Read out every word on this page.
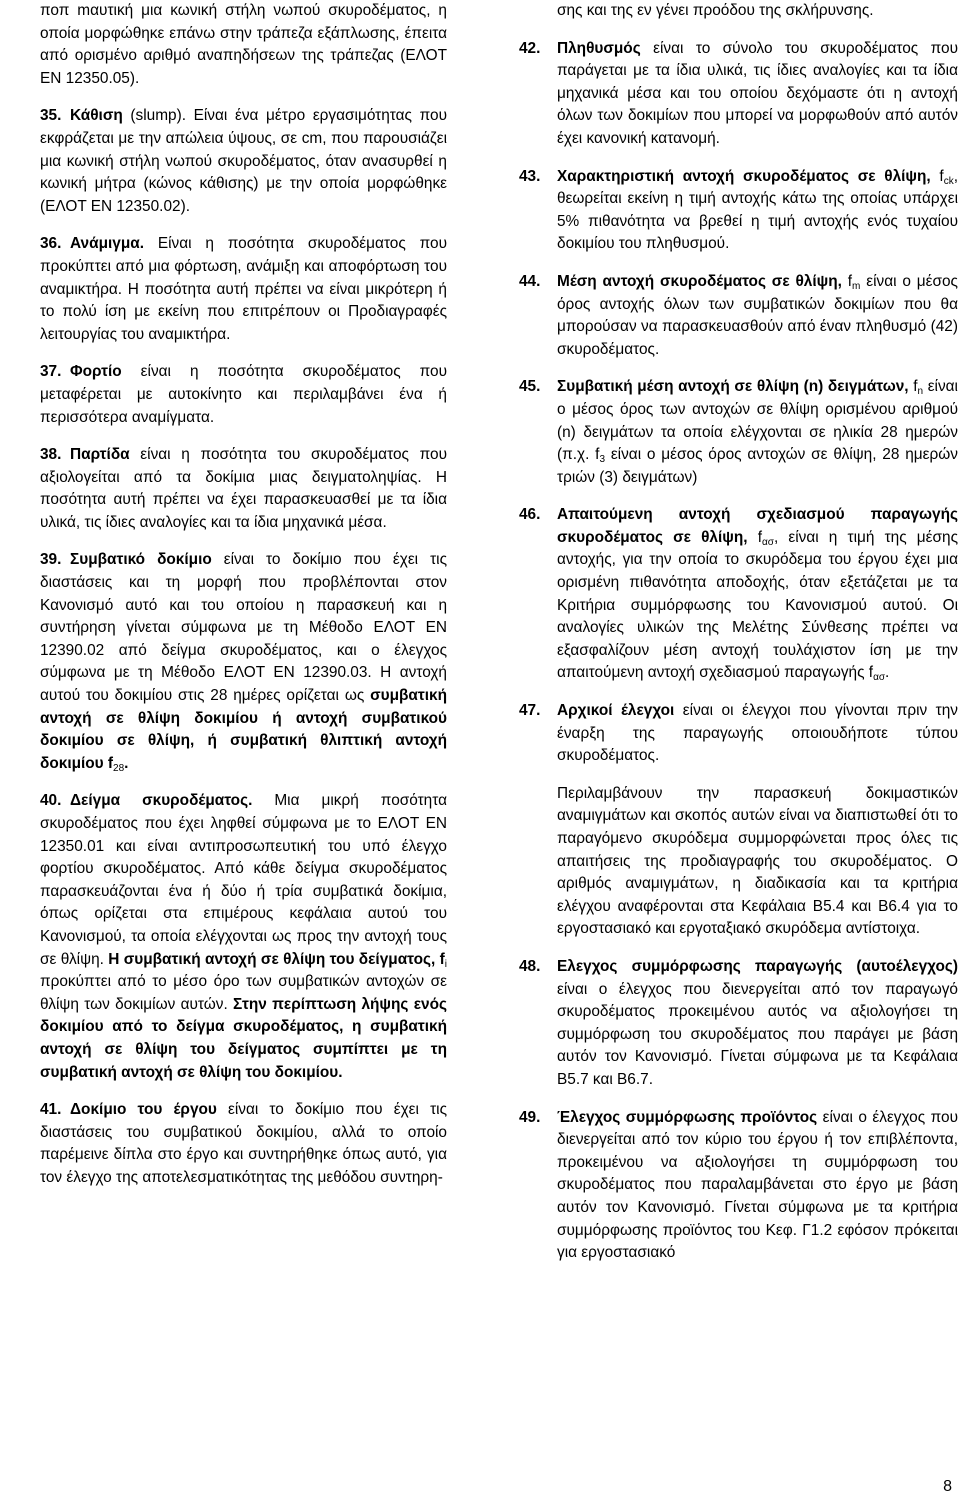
ποπ mαυτική μια κωνική στήλη νωπού σκυροδέματος, η οποία μορφώθηκε επάνω στην τράπεζα εξάπλωσης, έπειτα από ορισμένο αριθμό αναπηδήσεων της τράπεζας (ΕΛΟΤ ΕΝ 12350.05).
35. Κάθιση (slump). Είναι ένα μέτρο εργασιμότητας που εκφράζεται με την απώλεια ύψους, σε cm, που παρουσιάζει μια κωνική στήλη νωπού σκυροδέματος, όταν ανασυρθεί η κωνική μήτρα (κώνος κάθισης) με την οποία μορφώθηκε (ΕΛΟΤ ΕΝ 12350.02).
36. Ανάμιγμα. Είναι η ποσότητα σκυροδέματος που προκύπτει από μια φόρτωση, ανάμιξη και αποφόρτωση του αναμικτήρα. Η ποσότητα αυτή πρέπει να είναι μικρότερη ή το πολύ ίση με εκείνη που επιτρέπουν οι Προδιαγραφές λειτουργίας του αναμικτήρα.
37. Φορτίο είναι η ποσότητα σκυροδέματος που μεταφέρεται με αυτοκίνητο και περιλαμβάνει ένα ή περισσότερα αναμίγματα.
38. Παρτίδα είναι η ποσότητα του σκυροδέματος που αξιολογείται από τα δοκίμια μιας δειγματοληψίας. Η ποσότητα αυτή πρέπει να έχει παρασκευασθεί με τα ίδια υλικά, τις ίδιες αναλογίες και τα ίδια μηχανικά μέσα.
39. Συμβατικό δοκίμιο είναι το δοκίμιο που έχει τις διαστάσεις και τη μορφή που προβλέπονται στον Κανονισμό αυτό και του οποίου η παρασκευή και η συντήρηση γίνεται σύμφωνα με τη Μέθοδο ΕΛΟΤ ΕΝ 12390.02 από δείγμα σκυροδέματος, και ο έλεγχος σύμφωνα με τη Μέθοδο ΕΛΟΤ ΕΝ 12390.03. Η αντοχή αυτού του δοκιμίου στις 28 ημέρες ορίζεται ως συμβατική αντοχή σε θλίψη δοκιμίου ή αντοχή συμβατικού δοκιμίου σε θλίψη, ή συμβατική θλιπτική αντοχή δοκιμίου $f_{28}$.
40. Δείγμα σκυροδέματος. Μια μικρή ποσότητα σκυροδέματος που έχει ληφθεί σύμφωνα με το ΕΛΟΤ ΕΝ 12350.01 και είναι αντιπροσωπευτική του υπό έλεγχο φορτίου σκυροδέματος. Από κάθε δείγμα σκυροδέματος παρασκευάζονται ένα ή δύο ή τρία συμβατικά δοκίμια, όπως ορίζεται στα επιμέρους κεφάλαια αυτού του Κανονισμού, τα οποία ελέγχονται ως προς την αντοχή τους σε θλίψη. Η συμβατική αντοχή σε θλίψη του δείγματος, $f_i$ προκύπτει από το μέσο όρο των συμβατικών αντοχών σε θλίψη των δοκιμίων αυτών. Στην περίπτωση λήψης ενός δοκιμίου από το δείγμα σκυροδέματος, η συμβατική αντοχή σε θλίψη του δείγματος συμπίπτει με τη συμβατική αντοχή σε θλίψη του δοκιμίου.
41. Δοκίμιο του έργου είναι το δοκίμιο που έχει τις διαστάσεις του συμβατικού δοκιμίου, αλλά το οποίο παρέμεινε δίπλα στο έργο και συντηρήθηκε όπως αυτό, για τον έλεγχο της αποτελεσματικότητας της μεθόδου συντηρη-
σης και της εν γένει προόδου της σκλήρυνσης.
42. Πληθυσμός είναι το σύνολο του σκυροδέματος που παράγεται με τα ίδια υλικά, τις ίδιες αναλογίες και τα ίδια μηχανικά μέσα και του οποίου δεχόμαστε ότι η αντοχή όλων των δοκιμίων που μπορεί να μορφωθούν από αυτόν έχει κανονική κατανομή.
43. Χαρακτηριστική αντοχή σκυροδέματος σε θλίψη, $f_{ck}$, θεωρείται εκείνη η τιμή αντοχής κάτω της οποίας υπάρχει 5% πιθανότητα να βρεθεί η τιμή αντοχής ενός τυχαίου δοκιμίου του πληθυσμού.
44. Μέση αντοχή σκυροδέματος σε θλίψη, $f_m$ είναι ο μέσος όρος αντοχής όλων των συμβατικών δοκιμίων που θα μπορούσαν να παρασκευασθούν από έναν πληθυσμό (42) σκυροδέματος.
45. Συμβατική μέση αντοχή σε θλίψη (n) δειγμάτων, $f_n$ είναι ο μέσος όρος των αντοχών σε θλίψη ορισμένου αριθμού (n) δειγμάτων τα οποία ελέγχονται σε ηλικία 28 ημερών (π.χ. $f_3$ είναι ο μέσος όρος αντοχών σε θλίψη, 28 ημερών τριών (3) δειγμάτων)
46. Απαιτούμενη αντοχή σχεδιασμού παραγωγής σκυροδέματος σε θλίψη, $f_{\alpha\sigma}$, είναι η τιμή της μέσης αντοχής, για την οποία το σκυρόδεμα του έργου έχει μια ορισμένη πιθανότητα αποδοχής, όταν εξετάζεται με τα Κριτήρια συμμόρφωσης του Κανονισμού αυτού. Οι αναλογίες υλικών της Μελέτης Σύνθεσης πρέπει να εξασφαλίζουν μέση αντοχή τουλάχιστον ίση με την απαιτούμενη αντοχή σχεδιασμού παραγωγής $f_{\alpha\sigma}$.
47. Αρχικοί έλεγχοι είναι οι έλεγχοι που γίνονται πριν την έναρξη της παραγωγής οποιουδήποτε τύπου σκυροδέματος.
Περιλαμβάνουν την παρασκευή δοκιμαστικών αναμιγμάτων και σκοπός αυτών είναι να διαπιστωθεί ότι το παραγόμενο σκυρόδεμα συμμορφώνεται προς όλες τις απαιτήσεις της προδιαγραφής του σκυροδέματος. Ο αριθμός αναμιγμάτων, η διαδικασία και τα κριτήρια ελέγχου αναφέρονται στα Κεφάλαια Β5.4 και Β6.4 για το εργοστασιακό και εργοταξιακό σκυρόδεμα αντίστοιχα.
48. Ελεγχος συμμόρφωσης παραγωγής (αυτοέλεγχος) είναι ο έλεγχος που διενεργείται από τον παραγωγό σκυροδέματος προκειμένου αυτός να αξιολογήσει τη συμμόρφωση του σκυροδέματος που παράγει με βάση αυτόν τον Κανονισμό. Γίνεται σύμφωνα με τα Κεφάλαια Β5.7 και Β6.7.
49. Έλεγχος συμμόρφωσης προϊόντος είναι ο έλεγχος που διενεργείται από τον κύριο του έργου ή τον επιβλέποντα, προκειμένου να αξιολογήσει τη συμμόρφωση του σκυροδέματος που παραλαμβάνεται στο έργο με βάση αυτόν τον Κανονισμό. Γίνεται σύμφωνα με τα κριτήρια συμμόρφωσης προϊόντος του Κεφ. Γ1.2 εφόσον πρόκειται για εργοστασιακό
8
